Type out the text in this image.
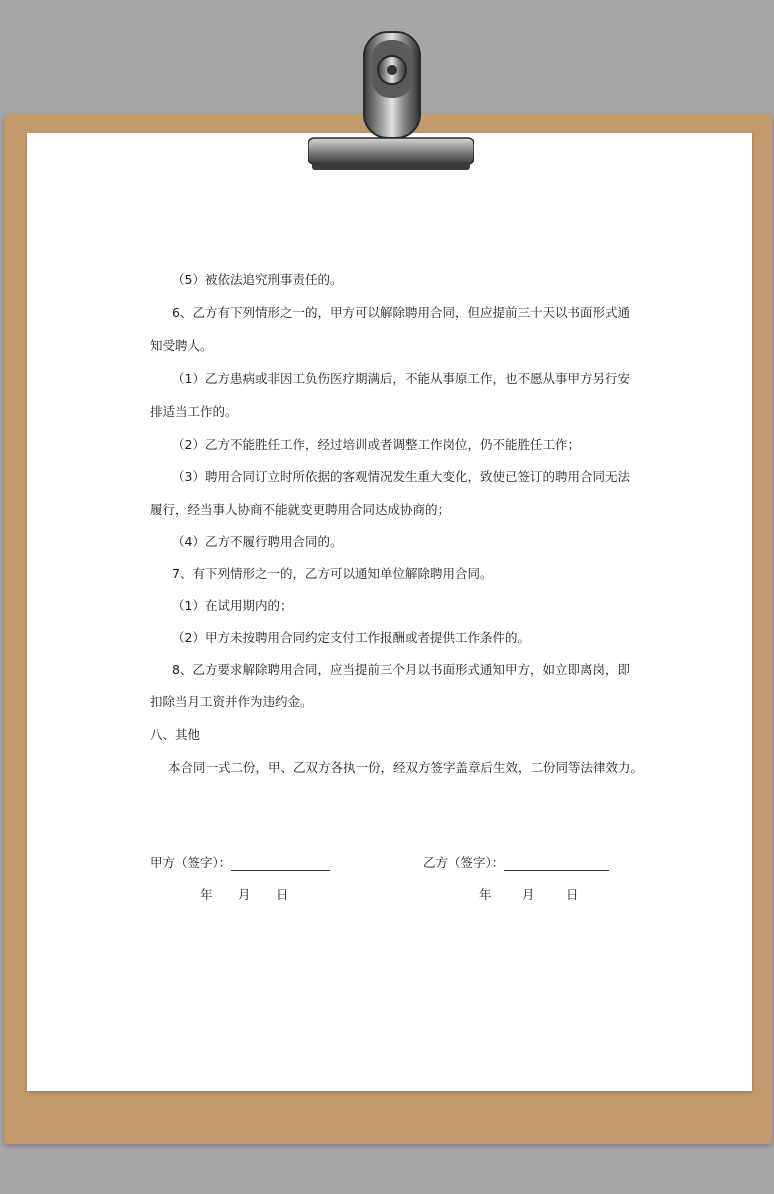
（5）被依法追究刑事责任的。
6、乙方有下列情形之一的，甲方可以解除聘用合同，但应提前三十天以书面形式通
知受聘人。
（1）乙方患病或非因工负伤医疗期满后，不能从事原工作，也不愿从事甲方另行安
排适当工作的。
（2）乙方不能胜任工作，经过培训或者调整工作岗位，仍不能胜任工作；
（3）聘用合同订立时所依据的客观情况发生重大变化，致使已签订的聘用合同无法
履行，经当事人协商不能就变更聘用合同达成协商的；
（4）乙方不履行聘用合同的。
7、有下列情形之一的，乙方可以通知单位解除聘用合同。
（1）在试用期内的；
（2）甲方未按聘用合同约定支付工作报酬或者提供工作条件的。
8、乙方要求解除聘用合同，应当提前三个月以书面形式通知甲方，如立即离岗，即
扣除当月工资并作为违约金。
八、其他
本合同一式二份，甲、乙双方各执一份，经双方签字盖章后生效，二份同等法律效力。
甲方（签字）：	乙方（签字）：
年 月 日	年 月	日
